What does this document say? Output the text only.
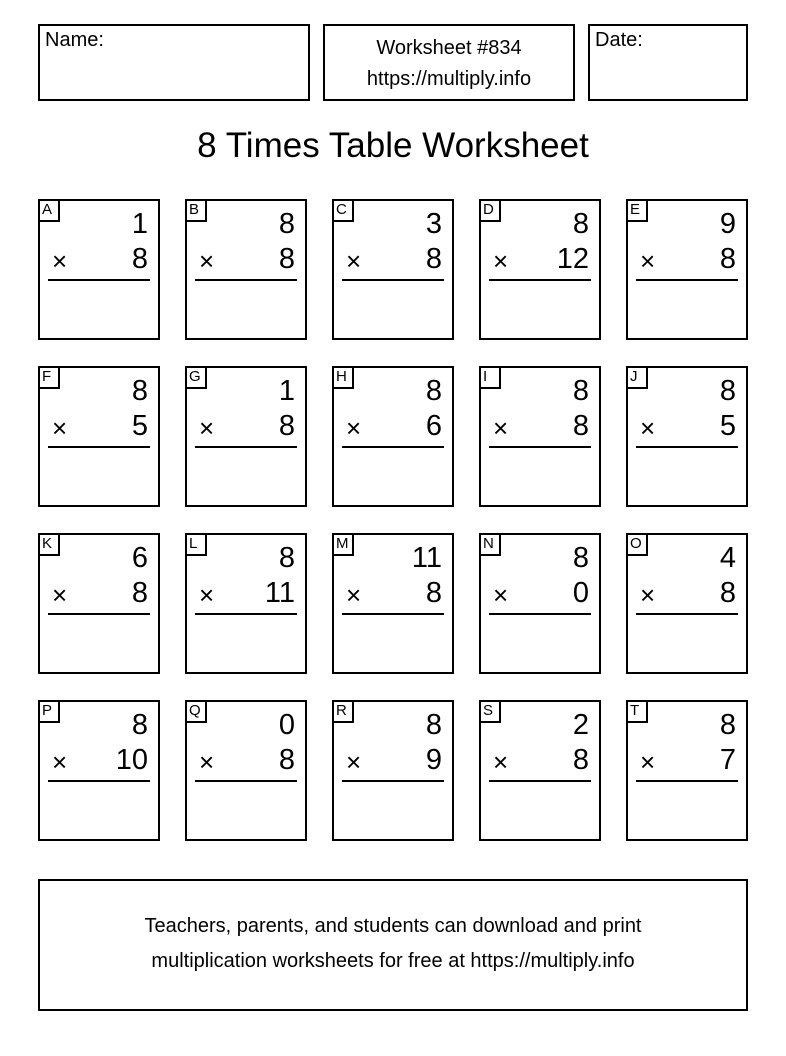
Name:	Worksheet #834
https://multiply.info
Date:
8 Times Table Worksheet
A	1
× 8
B	8
× 8
C	3
× 8
D	8
× 12
E	9
× 8
F	8
× 5
G	1
× 8
H	8
× 6
I	8
× 8
J	8
× 5
K	6
× 8
L	8
× 11
M 11
× 8
N	8
× 0
O	4
× 8
P	8
× 10
Q	0
× 8
R	8
× 9
S	2
× 8
T	8
× 7
Teachers, parents, and students can download and print
multiplication worksheets for free at https://multiply.info
